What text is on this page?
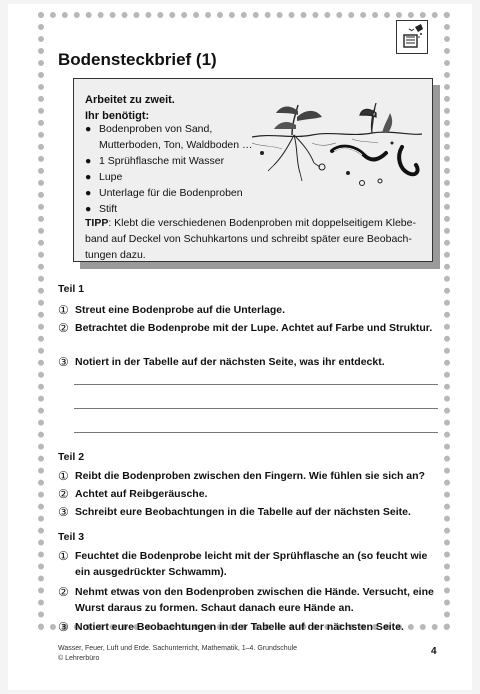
Bodensteckbrief (1)
Arbeitet zu zweit.
Ihr benötigt:
● Bodenproben von Sand, Mutterboden, Ton, Waldboden …
● 1 Sprühflasche mit Wasser
● Lupe
● Unterlage für die Bodenproben
● Stift
TIPP: Klebt die verschiedenen Bodenproben mit doppelseitigem Klebeband auf Deckel von Schuhkartons und schreibt später eure Beobachtungen dazu.
Teil 1
① Streut eine Bodenprobe auf die Unterlage.
② Betrachtet die Bodenprobe mit der Lupe. Achtet auf Farbe und Struktur.
③ Notiert in der Tabelle auf der nächsten Seite, was ihr entdeckt.
Teil 2
① Reibt die Bodenproben zwischen den Fingern. Wie fühlen sie sich an?
② Achtet auf Reibgeräusche.
③ Schreibt eure Beobachtungen in die Tabelle auf der nächsten Seite.
Teil 3
① Feuchtet die Bodenprobe leicht mit der Sprühflasche an (so feucht wie ein ausgedrückter Schwamm).
② Nehmt etwas von den Bodenproben zwischen die Hände. Versucht, eine Wurst daraus zu formen. Schaut danach eure Hände an.
③ Notiert eure Beobachtungen in der Tabelle auf der nächsten Seite.
Wasser, Feuer, Luft und Erde. Sachunterricht, Mathematik, 1–4. Grundschule
© Lehrerbüro
4
